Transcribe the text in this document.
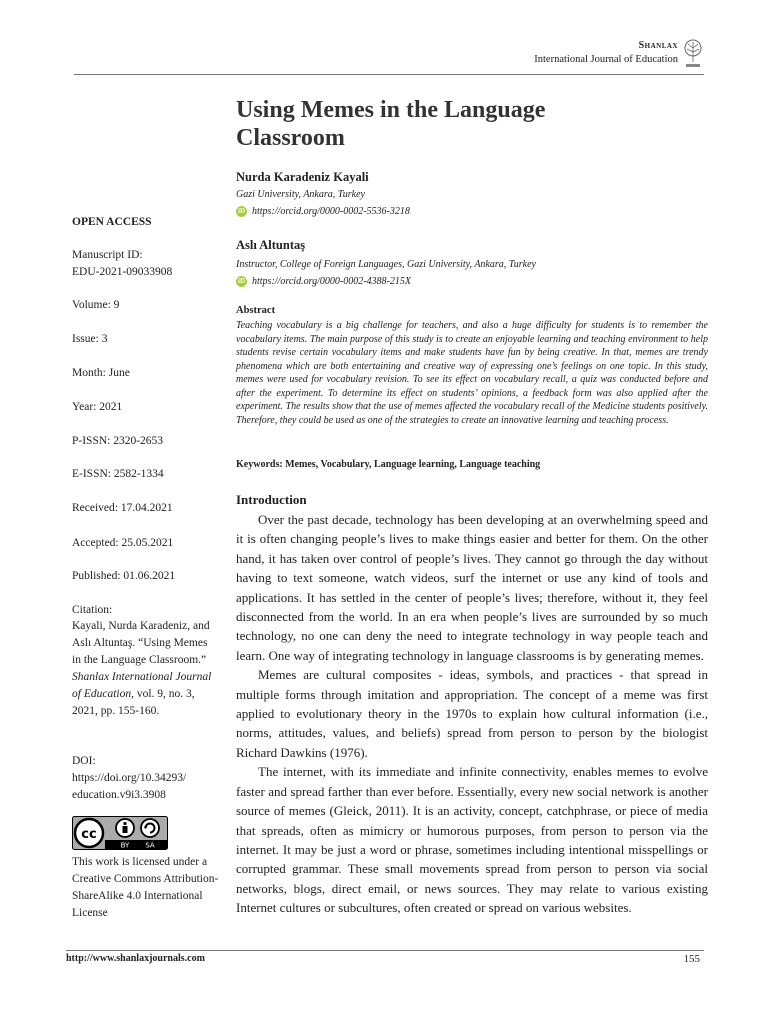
Shanlax
International Journal of Education
Using Memes in the Language Classroom
Nurda Karadeniz Kayali
Gazi University, Ankara, Turkey
iD https://orcid.org/0000-0002-5536-3218
Aslı Altuntaş
Instructor, College of Foreign Languages, Gazi University, Ankara, Turkey
iD https://orcid.org/0000-0002-4388-215X
Abstract
Teaching vocabulary is a big challenge for teachers, and also a huge difficulty for students is to remember the vocabulary items. The main purpose of this study is to create an enjoyable learning and teaching environment to help students revise certain vocabulary items and make students have fun by being creative. In that, memes are trendy phenomena which are both entertaining and creative way of expressing one’s feelings on one topic. In this study, memes were used for vocabulary revision. To see its effect on vocabulary recall, a quiz was conducted before and after the experiment. To determine its effect on students’ opinions, a feedback form was also applied after the experiment. The results show that the use of memes affected the vocabulary recall of the Medicine students positively. Therefore, they could be used as one of the strategies to create an innovative learning and teaching process.
Keywords: Memes, Vocabulary, Language learning, Language teaching
OPEN ACCESS
Manuscript ID:
EDU-2021-09033908
Volume: 9
Issue: 3
Month: June
Year: 2021
P-ISSN: 2320-2653
E-ISSN: 2582-1334
Received: 17.04.2021
Accepted: 25.05.2021
Published: 01.06.2021
Citation:
Kayali, Nurda Karadeniz, and Aslı Altuntaş. “Using Memes in the Language Classroom.” Shanlax International Journal of Education, vol. 9, no. 3, 2021, pp. 155-160.
DOI:
https://doi.org/10.34293/
education.v9i3.3908
cc
BY SA
This work is licensed under a Creative Commons Attribution-ShareAlike 4.0 International License
Introduction

Over the past decade, technology has been developing at an overwhelming speed and it is often changing people’s lives to make things easier and better for them. On the other hand, it has taken over control of people’s lives. They cannot go through the day without having to text someone, watch videos, surf the internet or use any kind of tools and applications. It has settled in the center of people’s lives; therefore, without it, they feel disconnected from the world. In an era when people’s lives are surrounded by so much technology, no one can deny the need to integrate technology in way people teach and learn. One way of integrating technology in language classrooms is by generating memes.

Memes are cultural composites - ideas, symbols, and practices - that spread in multiple forms through imitation and appropriation. The concept of a meme was first applied to evolutionary theory in the 1970s to explain how cultural information (i.e., norms, attitudes, values, and beliefs) spread from person to person by the biologist Richard Dawkins (1976).

The internet, with its immediate and infinite connectivity, enables memes to evolve faster and spread farther than ever before. Essentially, every new social network is another source of memes (Gleick, 2011). It is an activity, concept, catchphrase, or piece of media that spreads, often as mimicry or humorous purposes, from person to person via the internet. It may be just a word or phrase, sometimes including intentional misspellings or corrupted grammar. These small movements spread from person to person via social networks, blogs, direct email, or news sources. They may relate to various existing Internet cultures or subcultures, often created or spread on various websites.

http://www.shanlaxjournals.com	155
